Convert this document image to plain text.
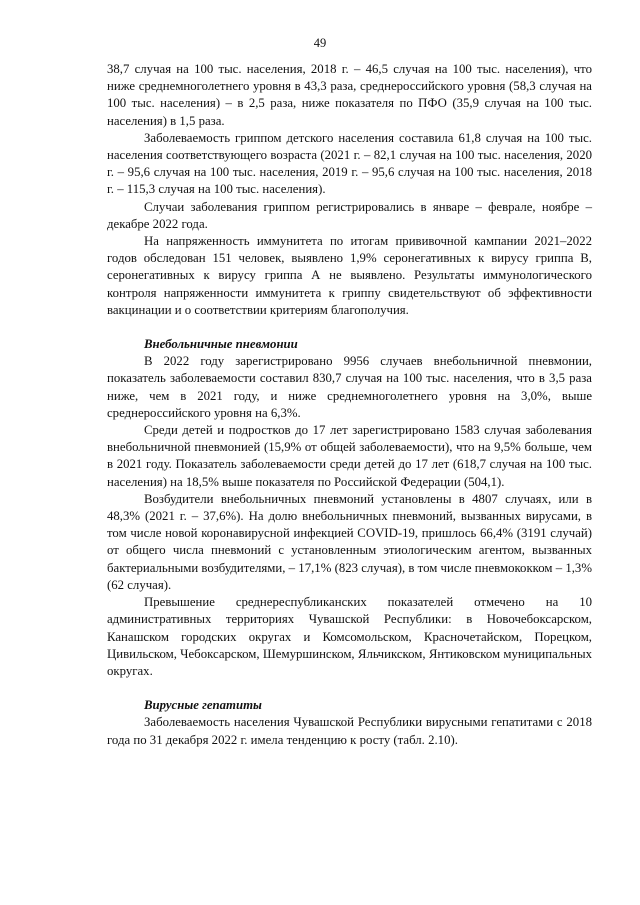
49

38,7 случая на 100 тыс. населения, 2018 г. – 46,5 случая на 100 тыс. населения), что ниже среднемноголетнего уровня в 43,3 раза, среднероссийского уровня (58,3 случая на 100 тыс. населения) – в 2,5 раза, ниже показателя по ПФО (35,9 случая на 100 тыс. населения) в 1,5 раза.

Заболеваемость гриппом детского населения составила 61,8 случая на 100 тыс. населения соответствующего возраста (2021 г. – 82,1 случая на 100 тыс. населения, 2020 г. – 95,6 случая на 100 тыс. населения, 2019 г. – 95,6 случая на 100 тыс. населения, 2018 г. – 115,3 случая на 100 тыс. населения).

Случаи заболевания гриппом регистрировались в январе – феврале, ноябре – декабре 2022 года.

На напряженность иммунитета по итогам прививочной кампании 2021–2022 годов обследован 151 человек, выявлено 1,9% серонегативных к вирусу гриппа В, серонегативных к вирусу гриппа А не выявлено. Результаты иммунологического контроля напряженности иммунитета к гриппу свидетельствуют об эффективности вакцинации и о соответствии критериям благополучия.

Внебольничные пневмонии

В 2022 году зарегистрировано 9956 случаев внебольничной пневмонии, показатель заболеваемости составил 830,7 случая на 100 тыс. населения, что в 3,5 раза ниже, чем в 2021 году, и ниже среднемноголетнего уровня на 3,0%, выше среднероссийского уровня на 6,3%.

Среди детей и подростков до 17 лет зарегистрировано 1583 случая заболевания внебольничной пневмонией (15,9% от общей заболеваемости), что на 9,5% больше, чем в 2021 году. Показатель заболеваемости среди детей до 17 лет (618,7 случая на 100 тыс. населения) на 18,5% выше показателя по Российской Федерации (504,1).

Возбудители внебольничных пневмоний установлены в 4807 случаях, или в 48,3% (2021 г. – 37,6%). На долю внебольничных пневмоний, вызванных вирусами, в том числе новой коронавирусной инфекцией COVID-19, пришлось 66,4% (3191 случай) от общего числа пневмоний с установленным этиологическим агентом, вызванных бактериальными возбудителями, – 17,1% (823 случая), в том числе пневмококком – 1,3% (62 случая).

Превышение среднереспубликанских показателей отмечено на 10 административных территориях Чувашской Республики: в Новочебоксарском, Канашском городских округах и Комсомольском, Красночетайском, Порецком, Цивильском, Чебоксарском, Шемуршинском, Яльчикском, Янтиковском муниципальных округах.

Вирусные гепатиты

Заболеваемость населения Чувашской Республики вирусными гепатитами с 2018 года по 31 декабря 2022 г. имела тенденцию к росту (табл. 2.10).
